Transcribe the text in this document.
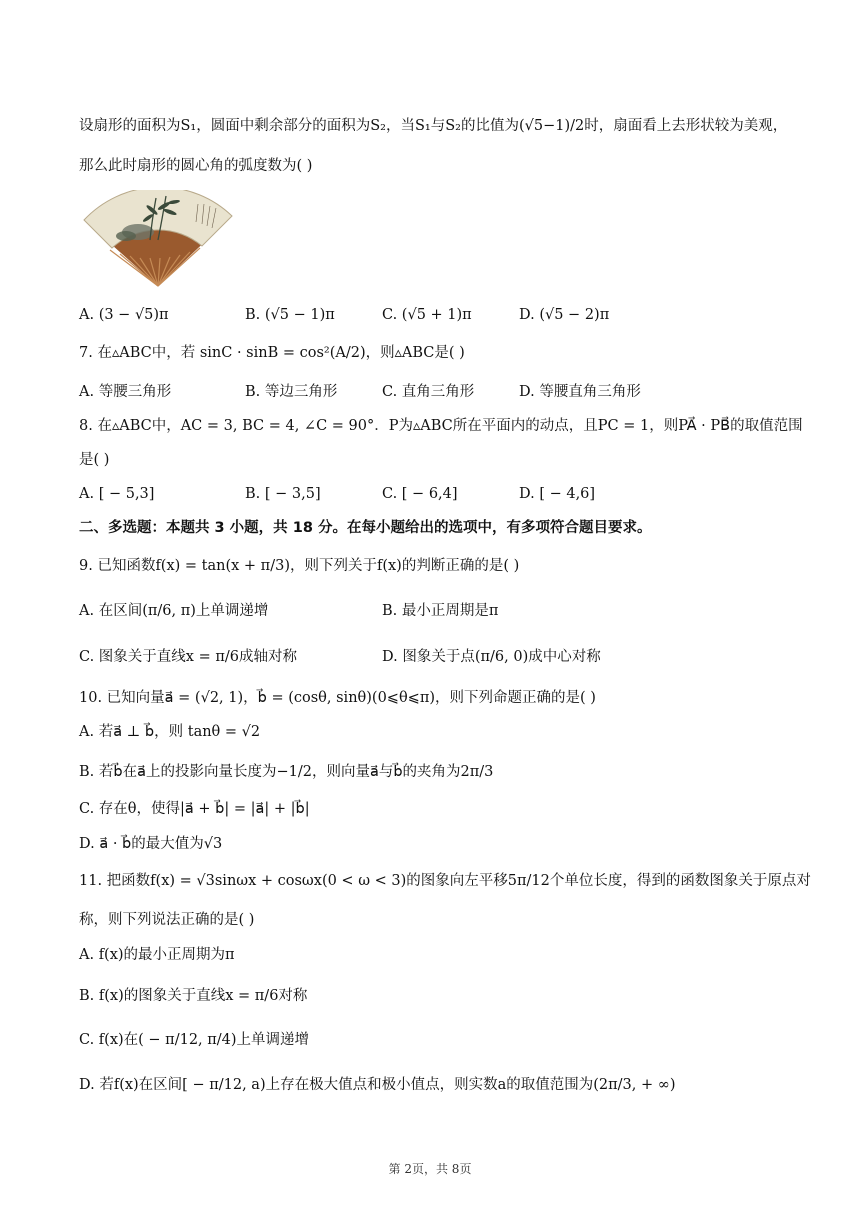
设扇形的面积为S₁，圆面中剩余部分的面积为S₂，当S₁与S₂的比值为(√5−1)/2时，扇面看上去形状较为美观，
那么此时扇形的圆心角的弧度数为( )
A. (3 − √5)π	B. (√5 − 1)π	C. (√5 + 1)π	D. (√5 − 2)π
7. 在▵ABC中，若 sinC · sinB = cos²(A/2)，则▵ABC是( )
A. 等腰三角形	B. 等边三角形	C. 直角三角形	D. 等腰直角三角形
8. 在▵ABC中，AC = 3, BC = 4, ∠C = 90°．P为▵ABC所在平面内的动点，且PC = 1，则PA⃗ · PB⃗的取值范围
是( )
A. [ − 5,3]	B. [ − 3,5]	C. [ − 6,4]	D. [ − 4,6]
二、多选题：本题共 3 小题，共 18 分。在每小题给出的选项中，有多项符合题目要求。
9. 已知函数f(x) = tan(x + π/3)，则下列关于f(x)的判断正确的是( )
A. 在区间(π/6, π)上单调递增	B. 最小正周期是π
C. 图象关于直线x = π/6成轴对称	D. 图象关于点(π/6, 0)成中心对称
10. 已知向量a⃗ = (√2, 1)，b⃗ = (cosθ, sinθ)(0⩽θ⩽π)，则下列命题正确的是( )
A. 若a⃗ ⊥ b⃗，则 tanθ = √2
B. 若b⃗在a⃗上的投影向量长度为−1/2，则向量a⃗与b⃗的夹角为2π/3
C. 存在θ，使得|a⃗ + b⃗| = |a⃗| + |b⃗|
D. a⃗ · b⃗的最大值为√3
11. 把函数f(x) = √3sinωx + cosωx(0 < ω < 3)的图象向左平移5π/12个单位长度，得到的函数图象关于原点对
称，则下列说法正确的是( )
A. f(x)的最小正周期为π
B. f(x)的图象关于直线x = π/6对称
C. f(x)在( − π/12, π/4)上单调递增
D. 若f(x)在区间[ − π/12, a)上存在极大值点和极小值点，则实数a的取值范围为(2π/3, + ∞)
第 2页，共 8页
